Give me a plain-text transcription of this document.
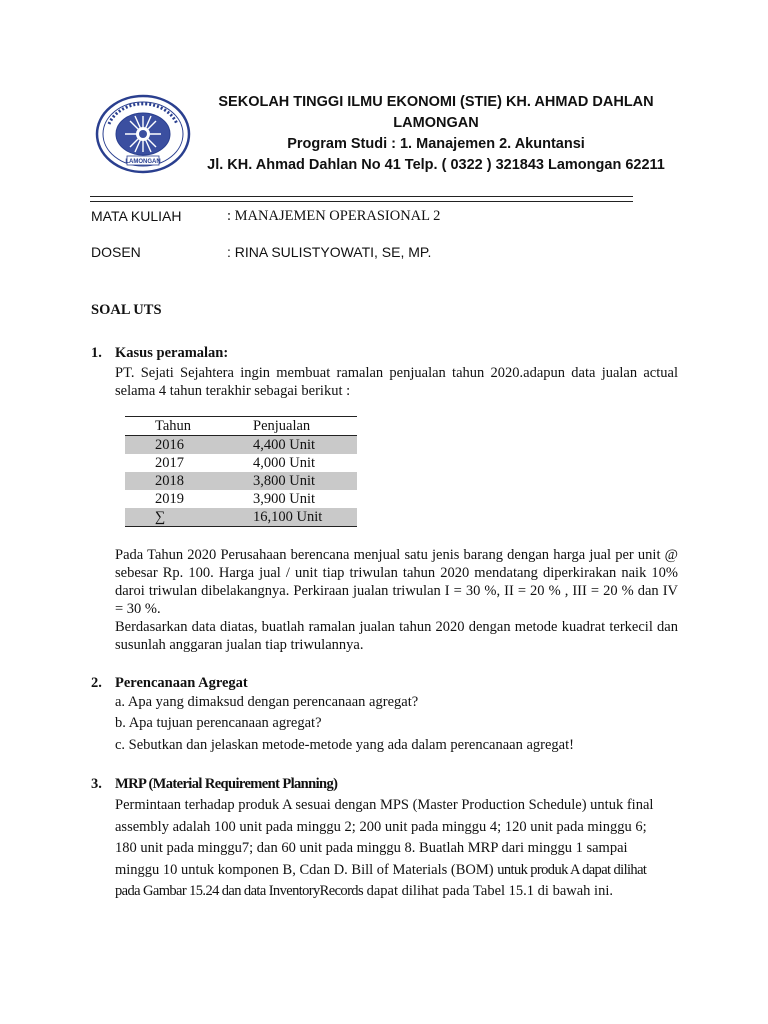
LAMONGAN
SEKOLAH TINGGI ILMU EKONOMI (STIE) KH. AHMAD DAHLAN
LAMONGAN
Program Studi : 1. Manajemen 2. Akuntansi
Jl. KH. Ahmad Dahlan No 41 Telp. ( 0322 ) 321843 Lamongan 62211
MATA KULIAH	: MANAJEMEN OPERASIONAL 2
DOSEN	: RINA SULISTYOWATI, SE, MP.
SOAL UTS
1. Kasus peramalan:
PT. Sejati Sejahtera ingin membuat ramalan penjualan tahun 2020.adapun data jualan actual selama 4 tahun terakhir sebagai berikut :
Tahun	Penjualan
2016	4,400 Unit
2017	4,000 Unit
2018	3,800 Unit
2019	3,900 Unit
∑	16,100 Unit
Pada Tahun 2020 Perusahaan berencana menjual satu jenis barang dengan harga jual per unit @ sebesar Rp. 100. Harga jual / unit tiap triwulan tahun 2020 mendatang diperkirakan naik 10% daroi triwulan dibelakangnya. Perkiraan jualan triwulan I = 30 %, II = 20 % , III = 20 % dan IV = 30 %.
Berdasarkan data diatas, buatlah ramalan jualan tahun 2020 dengan metode kuadrat terkecil dan susunlah anggaran jualan tiap triwulannya.
2. Perencanaan Agregat
a. Apa yang dimaksud dengan perencanaan agregat?
b. Apa tujuan perencanaan agregat?
c. Sebutkan dan jelaskan metode-metode yang ada dalam perencanaan agregat!
3. MRP (Material Requirement Planning)
Permintaan terhadap produk A sesuai dengan MPS (Master Production Schedule) untuk final
assembly adalah 100 unit pada minggu 2; 200 unit pada minggu 4; 120 unit pada minggu 6;
180 unit pada minggu7; dan 60 unit pada minggu 8. Buatlah MRP dari minggu 1 sampai
minggu 10 untuk komponen B, Cdan D. Bill of Materials (BOM) untuk produk A dapat dilihat
pada Gambar 15.24 dan data InventoryRecords dapat dilihat pada Tabel 15.1 di bawah ini.
